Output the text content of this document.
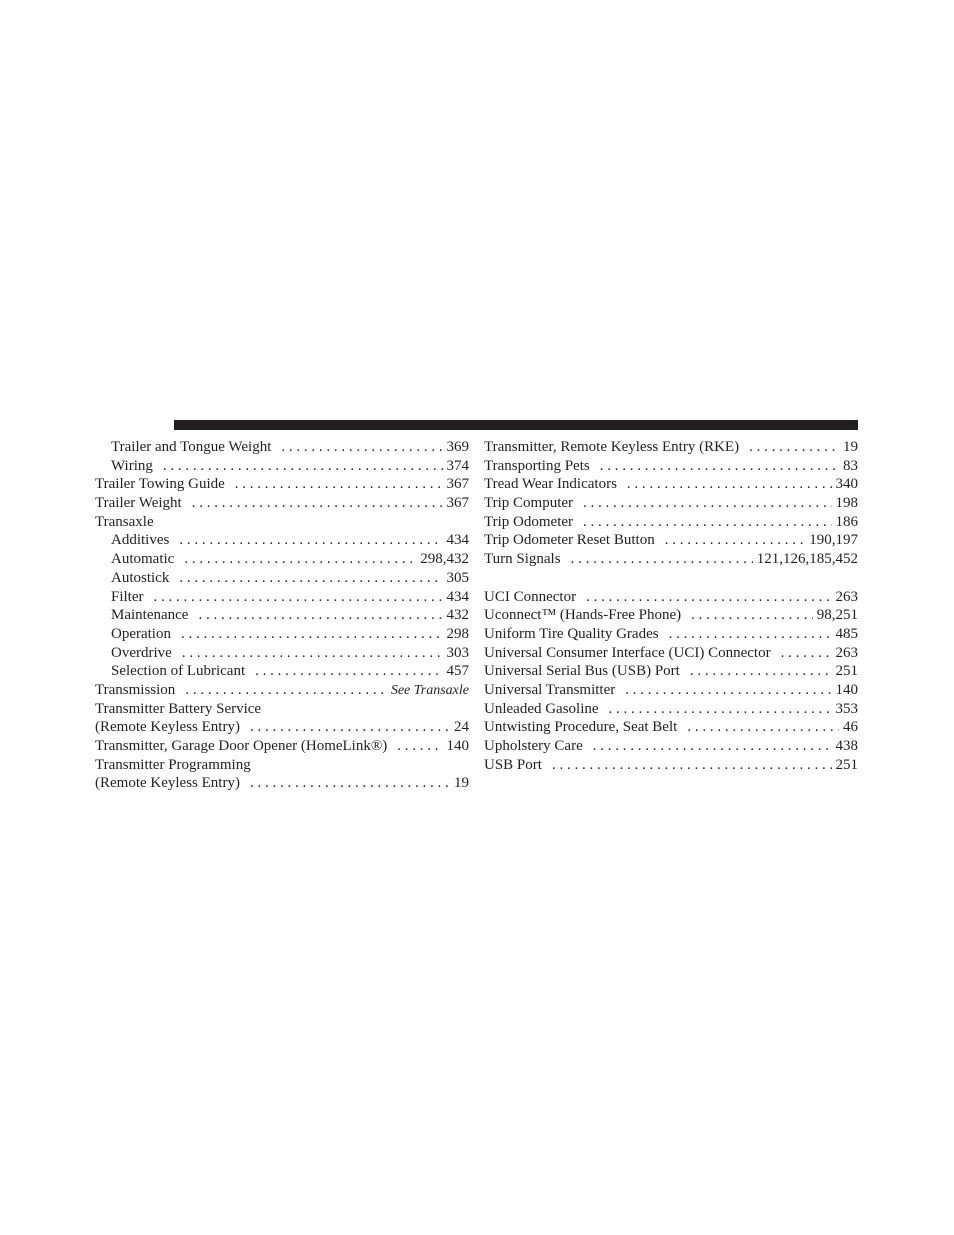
Trailer and Tongue Weight . . .	369
Wiring . . .	374
Trailer Towing Guide . . .	367
Trailer Weight . . .	367
Transaxle
Additives . . .	434
Automatic . . .	298,432
Autostick . . .	305
Filter . . .	434
Maintenance . . .	432
Operation . . .	298
Overdrive . . .	303
Selection of Lubricant . . .	457
Transmission . . .	See Transaxle
Transmitter Battery Service
(Remote Keyless Entry) . . .	24
Transmitter, Garage Door Opener (HomeLink®) . . .	140
Transmitter Programming
(Remote Keyless Entry) . . .	19
Transmitter, Remote Keyless Entry (RKE) . . .	19
Transporting Pets . . .	83
Tread Wear Indicators . . .	340
Trip Computer . . .	198
Trip Odometer . . .	186
Trip Odometer Reset Button . . .	190,197
Turn Signals . . .	121,126,185,452
UCI Connector . . .	263
Uconnect™ (Hands-Free Phone) . . .	98,251
Uniform Tire Quality Grades . . .	485
Universal Consumer Interface (UCI) Connector . . .	263
Universal Serial Bus (USB) Port . . .	251
Universal Transmitter . . .	140
Unleaded Gasoline . . .	353
Untwisting Procedure, Seat Belt . . .	46
Upholstery Care . . .	438
USB Port . . .	251
